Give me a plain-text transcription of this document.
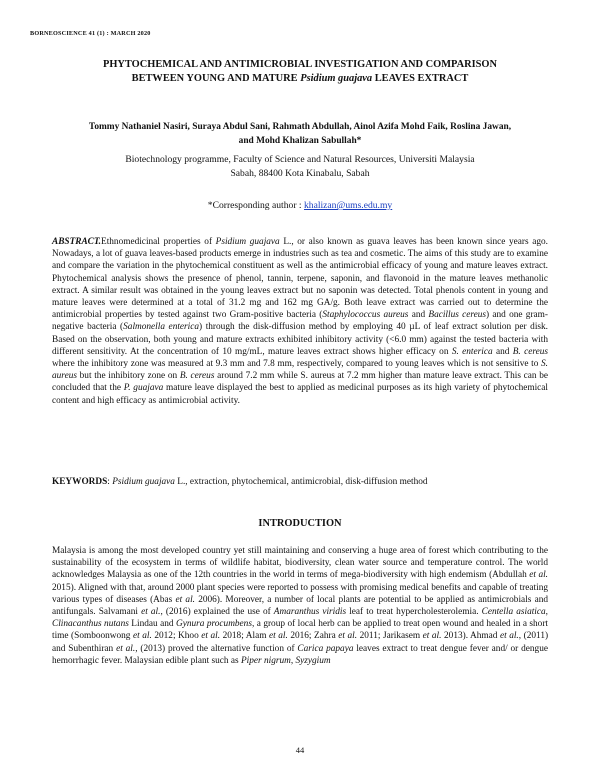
BORNEOSCIENCE 41 (1) : MARCH 2020
PHYTOCHEMICAL AND ANTIMICROBIAL INVESTIGATION AND COMPARISON
BETWEEN YOUNG AND MATURE Psidium guajava LEAVES EXTRACT
Tommy Nathaniel Nasiri, Suraya Abdul Sani, Rahmath Abdullah, Ainol Azifa Mohd Faik, Roslina Jawan,
and Mohd Khalizan Sabullah*
Biotechnology programme, Faculty of Science and Natural Resources, Universiti Malaysia
Sabah, 88400 Kota Kinabalu, Sabah
*Corresponding author : khalizan@ums.edu.my
ABSTRACT.Ethnomedicinal properties of Psidium guajava L., or also known as guava leaves has been known since years ago. Nowadays, a lot of guava leaves-based products emerge in industries such as tea and cosmetic. The aims of this study are to examine and compare the variation in the phytochemical constituent as well as the antimicrobial efficacy of young and mature leaves extract. Phytochemical analysis shows the presence of phenol, tannin, terpene, saponin, and flavonoid in the mature leaves methanolic extract. A similar result was obtained in the young leaves extract but no saponin was detected. Total phenols content in young and mature leaves were determined at a total of 31.2 mg and 162 mg GA/g. Both leave extract was carried out to determine the antimicrobial properties by tested against two Gram-positive bacteria (Staphylococcus aureus and Bacillus cereus) and one gram-negative bacteria (Salmonella enterica) through the disk-diffusion method by employing 40 µL of leaf extract solution per disk. Based on the observation, both young and mature extracts exhibited inhibitory activity (<6.0 mm) against the tested bacteria with different sensitivity. At the concentration of 10 mg/mL, mature leaves extract shows higher efficacy on S. enterica and B. cereus where the inhibitory zone was measured at 9.3 mm and 7.8 mm, respectively, compared to young leaves which is not sensitive to S. aureus but the inhibitory zone on B. cereus around 7.2 mm while S. aureus at 7.2 mm higher than mature leave extract. This can be concluded that the P. guajava mature leave displayed the best to applied as medicinal purposes as its high variety of phytochemical content and high efficacy as antimicrobial activity.
KEYWORDS: Psidium guajava L., extraction, phytochemical, antimicrobial, disk-diffusion method
INTRODUCTION
Malaysia is among the most developed country yet still maintaining and conserving a huge area of forest which contributing to the sustainability of the ecosystem in terms of wildlife habitat, biodiversity, clean water source and temperature control. The world acknowledges Malaysia as one of the 12th countries in the world in terms of mega-biodiversity with high endemism (Abdullah et al. 2015). Aligned with that, around 2000 plant species were reported to possess with promising medical benefits and capable of treating various types of diseases (Abas et al. 2006). Moreover, a number of local plants are potential to be applied as antimicrobials and antifungals. Salvamani et al., (2016) explained the use of Amaranthus viridis leaf to treat hypercholesterolemia. Centella asiatica, Clinacanthus nutans Lindau and Gynura procumbens, a group of local herb can be applied to treat open wound and healed in a short time (Somboonwong et al. 2012; Khoo et al. 2018; Alam et al. 2016; Zahra et al. 2011; Jarikasem et al. 2013). Ahmad et al., (2011) and Subenthiran et al., (2013) proved the alternative function of Carica papaya leaves extract to treat dengue fever and/ or dengue hemorrhagic fever. Malaysian edible plant such as Piper nigrum, Syzygium
44
